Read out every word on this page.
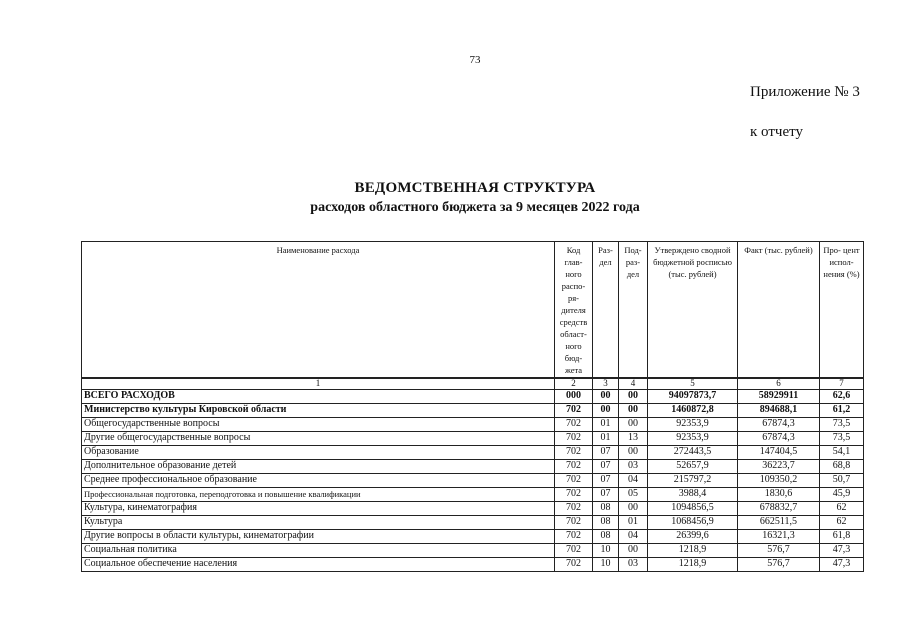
73
Приложение № 3
к отчету
ВЕДОМСТВЕННАЯ СТРУКТУРА
расходов областного бюджета за 9 месяцев 2022 года
Наименование расхода	Код глав- ного распо- ря- дителя средств област- ного бюд- жета	Раз- дел	Под- раз- дел	Утверждено сводной бюджетной росписью (тыс. рублей)	Факт (тыс. рублей)	Про- цент испол- нения (%)
1	2	3	4	5	6	7
ВСЕГО РАСХОДОВ	000	00	00	94097873,7	58929911	62,6
Министерство культуры Кировской области	702	00	00	1460872,8	894688,1	61,2
Общегосударственные вопросы	702	01	00	92353,9	67874,3	73,5
Другие общегосударственные вопросы	702	01	13	92353,9	67874,3	73,5
Образование	702	07	00	272443,5	147404,5	54,1
Дополнительное образование детей	702	07	03	52657,9	36223,7	68,8
Среднее профессиональное образование	702	07	04	215797,2	109350,2	50,7
Профессиональная подготовка, переподготовка и повышение квалификации	702	07	05	3988,4	1830,6	45,9
Культура, кинематография	702	08	00	1094856,5	678832,7	62
Культура	702	08	01	1068456,9	662511,5	62
Другие вопросы в области культуры, кинематографии	702	08	04	26399,6	16321,3	61,8
Социальная политика	702	10	00	1218,9	576,7	47,3
Социальное обеспечение населения	702	10	03	1218,9	576,7	47,3
